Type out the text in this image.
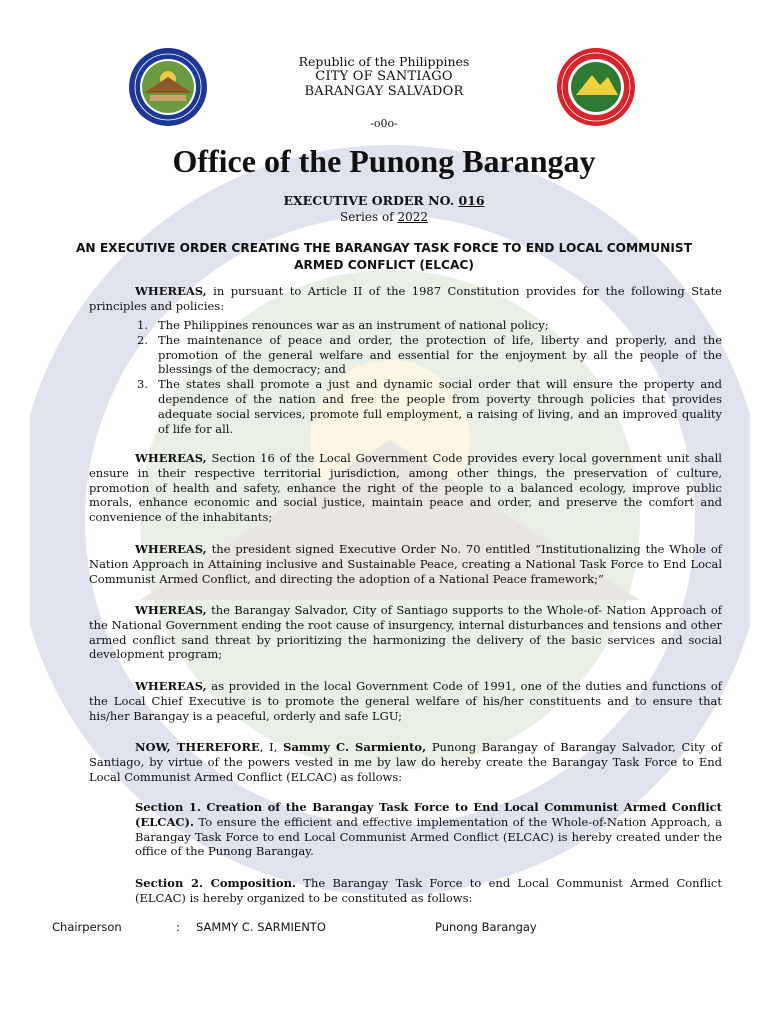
Republic of the Philippines
CITY OF SANTIAGO
BARANGAY SALVADOR
-o0o-
Office of the Punong Barangay
EXECUTIVE ORDER NO. 016
Series of 2022
AN EXECUTIVE ORDER CREATING THE BARANGAY TASK FORCE TO END LOCAL COMMUNIST ARMED CONFLICT (ELCAC)
WHEREAS, in pursuant to Article II of the 1987 Constitution provides for the following State principles and policies:
1. The Philippines renounces war as an instrument of national policy;
2. The maintenance of peace and order, the protection of life, liberty and properly, and the promotion of the general welfare and essential for the enjoyment by all the people of the blessings of the democracy; and
3. The states shall promote a just and dynamic social order that will ensure the property and dependence of the nation and free the people from poverty through policies that provides adequate social services, promote full employment, a raising of living, and an improved quality of life for all.
WHEREAS, Section 16 of the Local Government Code provides every local government unit shall ensure in their respective territorial jurisdiction, among other things, the preservation of culture, promotion of health and safety, enhance the right of the people to a balanced ecology, improve public morals, enhance economic and social justice, maintain peace and order, and preserve the comfort and convenience of the inhabitants;
WHEREAS, the president signed Executive Order No. 70 entitled “Institutionalizing the Whole of Nation Approach in Attaining inclusive and Sustainable Peace, creating a National Task Force to End Local Communist Armed Conflict, and directing the adoption of a National Peace framework;”
WHEREAS, the Barangay Salvador, City of Santiago supports to the Whole-of- Nation Approach of the National Government ending the root cause of insurgency, internal disturbances and tensions and other armed conflict sand threat by prioritizing the harmonizing the delivery of the basic services and social development program;
WHEREAS, as provided in the local Government Code of 1991, one of the duties and functions of the Local Chief Executive is to promote the general welfare of his/her constituents and to ensure that his/her Barangay is a peaceful, orderly and safe LGU;
NOW, THEREFORE, I, Sammy C. Sarmiento, Punong Barangay of Barangay Salvador, City of Santiago, by virtue of the powers vested in me by law do hereby create the Barangay Task Force to End Local Communist Armed Conflict (ELCAC) as follows:
Section 1. Creation of the Barangay Task Force to End Local Communist Armed Conflict (ELCAC). To ensure the efficient and effective implementation of the Whole-of-Nation Approach, a Barangay Task Force to end Local Communist Armed Conflict (ELCAC) is hereby created under the office of the Punong Barangay.
Section 2. Composition. The Barangay Task Force to end Local Communist Armed Conflict (ELCAC) is hereby organized to be constituted as follows:
Chairperson	: SAMMY C. SARMIENTO	Punong Barangay
